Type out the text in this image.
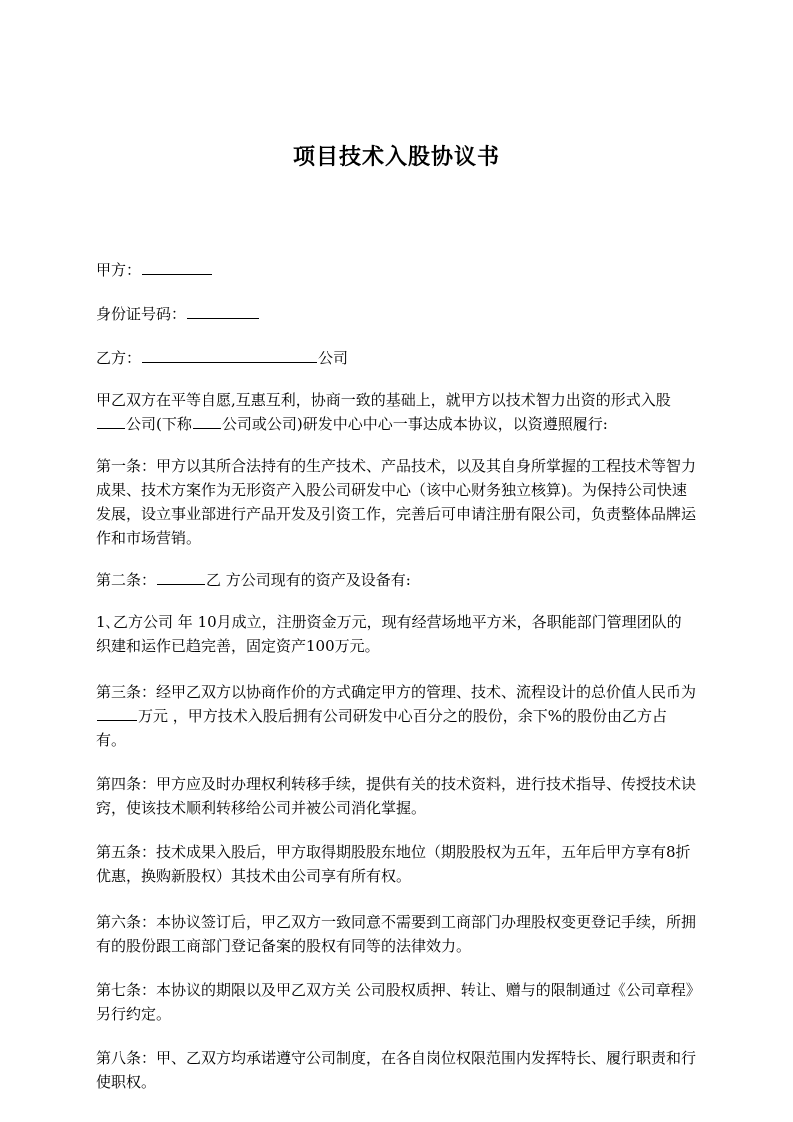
项目技术入股协议书

甲方：

身份证号码：

乙方：	公司

甲乙双方在平等自愿,互惠互利，协商一致的基础上，就甲方以技术智力出资的形式入股公司(下称 公司或公司)研发中心中心一事达成本协议，以资遵照履行:

第一条：甲方以其所合法持有的生产技术、产品技术，以及其自身所掌握的工程技术等智力成果、技术方案作为无形资产入股公司研发中心（该中心财务独立核算)。为保持公司快速发展，设立事业部进行产品开发及引资工作，完善后可申请注册有限公司，负责整体品牌运作和市场营销。

第二条：	乙 方公司现有的资产及设备有:

1､乙方公司 年 10月成立，注册资金万元，现有经营场地平方米，各职能部门管理团队的织建和运作已趋完善，固定资产100万元。

第三条：经甲乙双方以协商作价的方式确定甲方的管理、技术、流程设计的总价值人民币为万元 ，甲方技术入股后拥有公司研发中心百分之的股份，余下%的股份由乙方占有。

第四条：甲方应及时办理权利转移手续，提供有关的技术资料，进行技术指导、传授技术诀窍，使该技术顺利转移给公司并被公司消化掌握。

第五条：技术成果入股后，甲方取得期股股东地位（期股股权为五年，五年后甲方享有8折优惠，换购新股权）其技术由公司享有所有权。

第六条：本协议签订后，甲乙双方一致同意不需要到工商部门办理股权变更登记手续，所拥有的股份跟工商部门登记备案的股权有同等的法律效力。

第七条：本协议的期限以及甲乙双方关 公司股权质押、转让、赠与的限制通过《公司章程》另行约定。

第八条：甲、乙双方均承诺遵守公司制度，在各自岗位权限范围内发挥特长、履行职责和行使职权。
